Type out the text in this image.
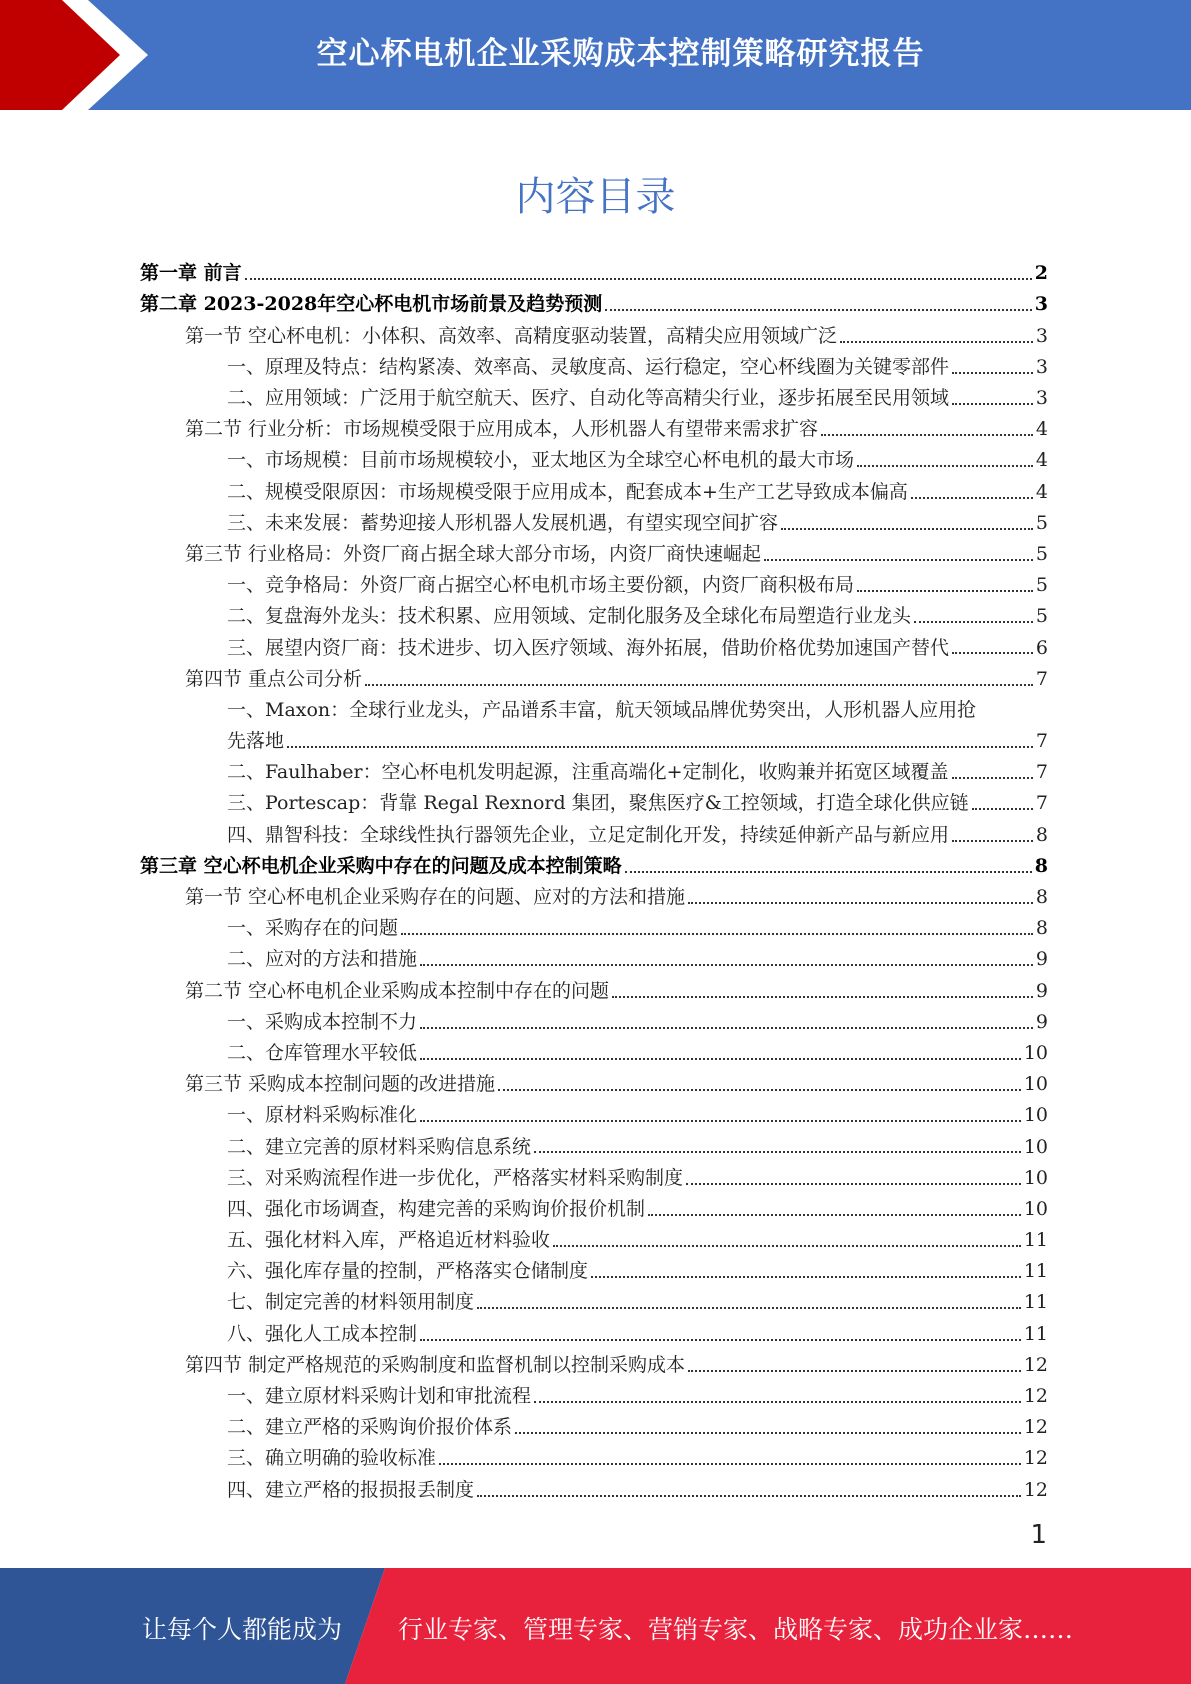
空心杯电机企业采购成本控制策略研究报告
内容目录
第一章 前言	2
第二章 2023-2028年空心杯电机市场前景及趋势预测	3
第一节 空心杯电机：小体积、高效率、高精度驱动装置，高精尖应用领域广泛	3
一、原理及特点：结构紧凑、效率高、灵敏度高、运行稳定，空心杯线圈为关键零部件	3
二、应用领域：广泛用于航空航天、医疗、自动化等高精尖行业，逐步拓展至民用领域	3
第二节 行业分析：市场规模受限于应用成本，人形机器人有望带来需求扩容	4
一、市场规模：目前市场规模较小，亚太地区为全球空心杯电机的最大市场	4
二、规模受限原因：市场规模受限于应用成本，配套成本+生产工艺导致成本偏高	4
三、未来发展：蓄势迎接人形机器人发展机遇，有望实现空间扩容	5
第三节 行业格局：外资厂商占据全球大部分市场，内资厂商快速崛起	5
一、竞争格局：外资厂商占据空心杯电机市场主要份额，内资厂商积极布局	5
二、复盘海外龙头：技术积累、应用领域、定制化服务及全球化布局塑造行业龙头	5
三、展望内资厂商：技术进步、切入医疗领域、海外拓展，借助价格优势加速国产替代	6
第四节 重点公司分析	7
一、Maxon：全球行业龙头，产品谱系丰富，航天领域品牌优势突出，人形机器人应用抢
先落地	7
二、Faulhaber：空心杯电机发明起源，注重高端化+定制化，收购兼并拓宽区域覆盖	7
三、Portescap：背靠 Regal Rexnord 集团，聚焦医疗&工控领域，打造全球化供应链	7
四、鼎智科技：全球线性执行器领先企业，立足定制化开发，持续延伸新产品与新应用	8
第三章 空心杯电机企业采购中存在的问题及成本控制策略	8
第一节 空心杯电机企业采购存在的问题、应对的方法和措施	8
一、采购存在的问题	8
二、应对的方法和措施	9
第二节 空心杯电机企业采购成本控制中存在的问题	9
一、采购成本控制不力	9
二、仓库管理水平较低	10
第三节 采购成本控制问题的改进措施	10
一、原材料采购标准化	10
二、建立完善的原材料采购信息系统	10
三、对采购流程作进一步优化，严格落实材料采购制度	10
四、强化市场调查，构建完善的采购询价报价机制	10
五、强化材料入库，严格追近材料验收	11
六、强化库存量的控制，严格落实仓储制度	11
七、制定完善的材料领用制度	11
八、强化人工成本控制	11
第四节 制定严格规范的采购制度和监督机制以控制采购成本	12
一、建立原材料采购计划和审批流程	12
二、建立严格的采购询价报价体系	12
三、确立明确的验收标准	12
四、建立严格的报损报丢制度	12
1
让每个人都能成为 行业专家、管理专家、营销专家、战略专家、成功企业家……
